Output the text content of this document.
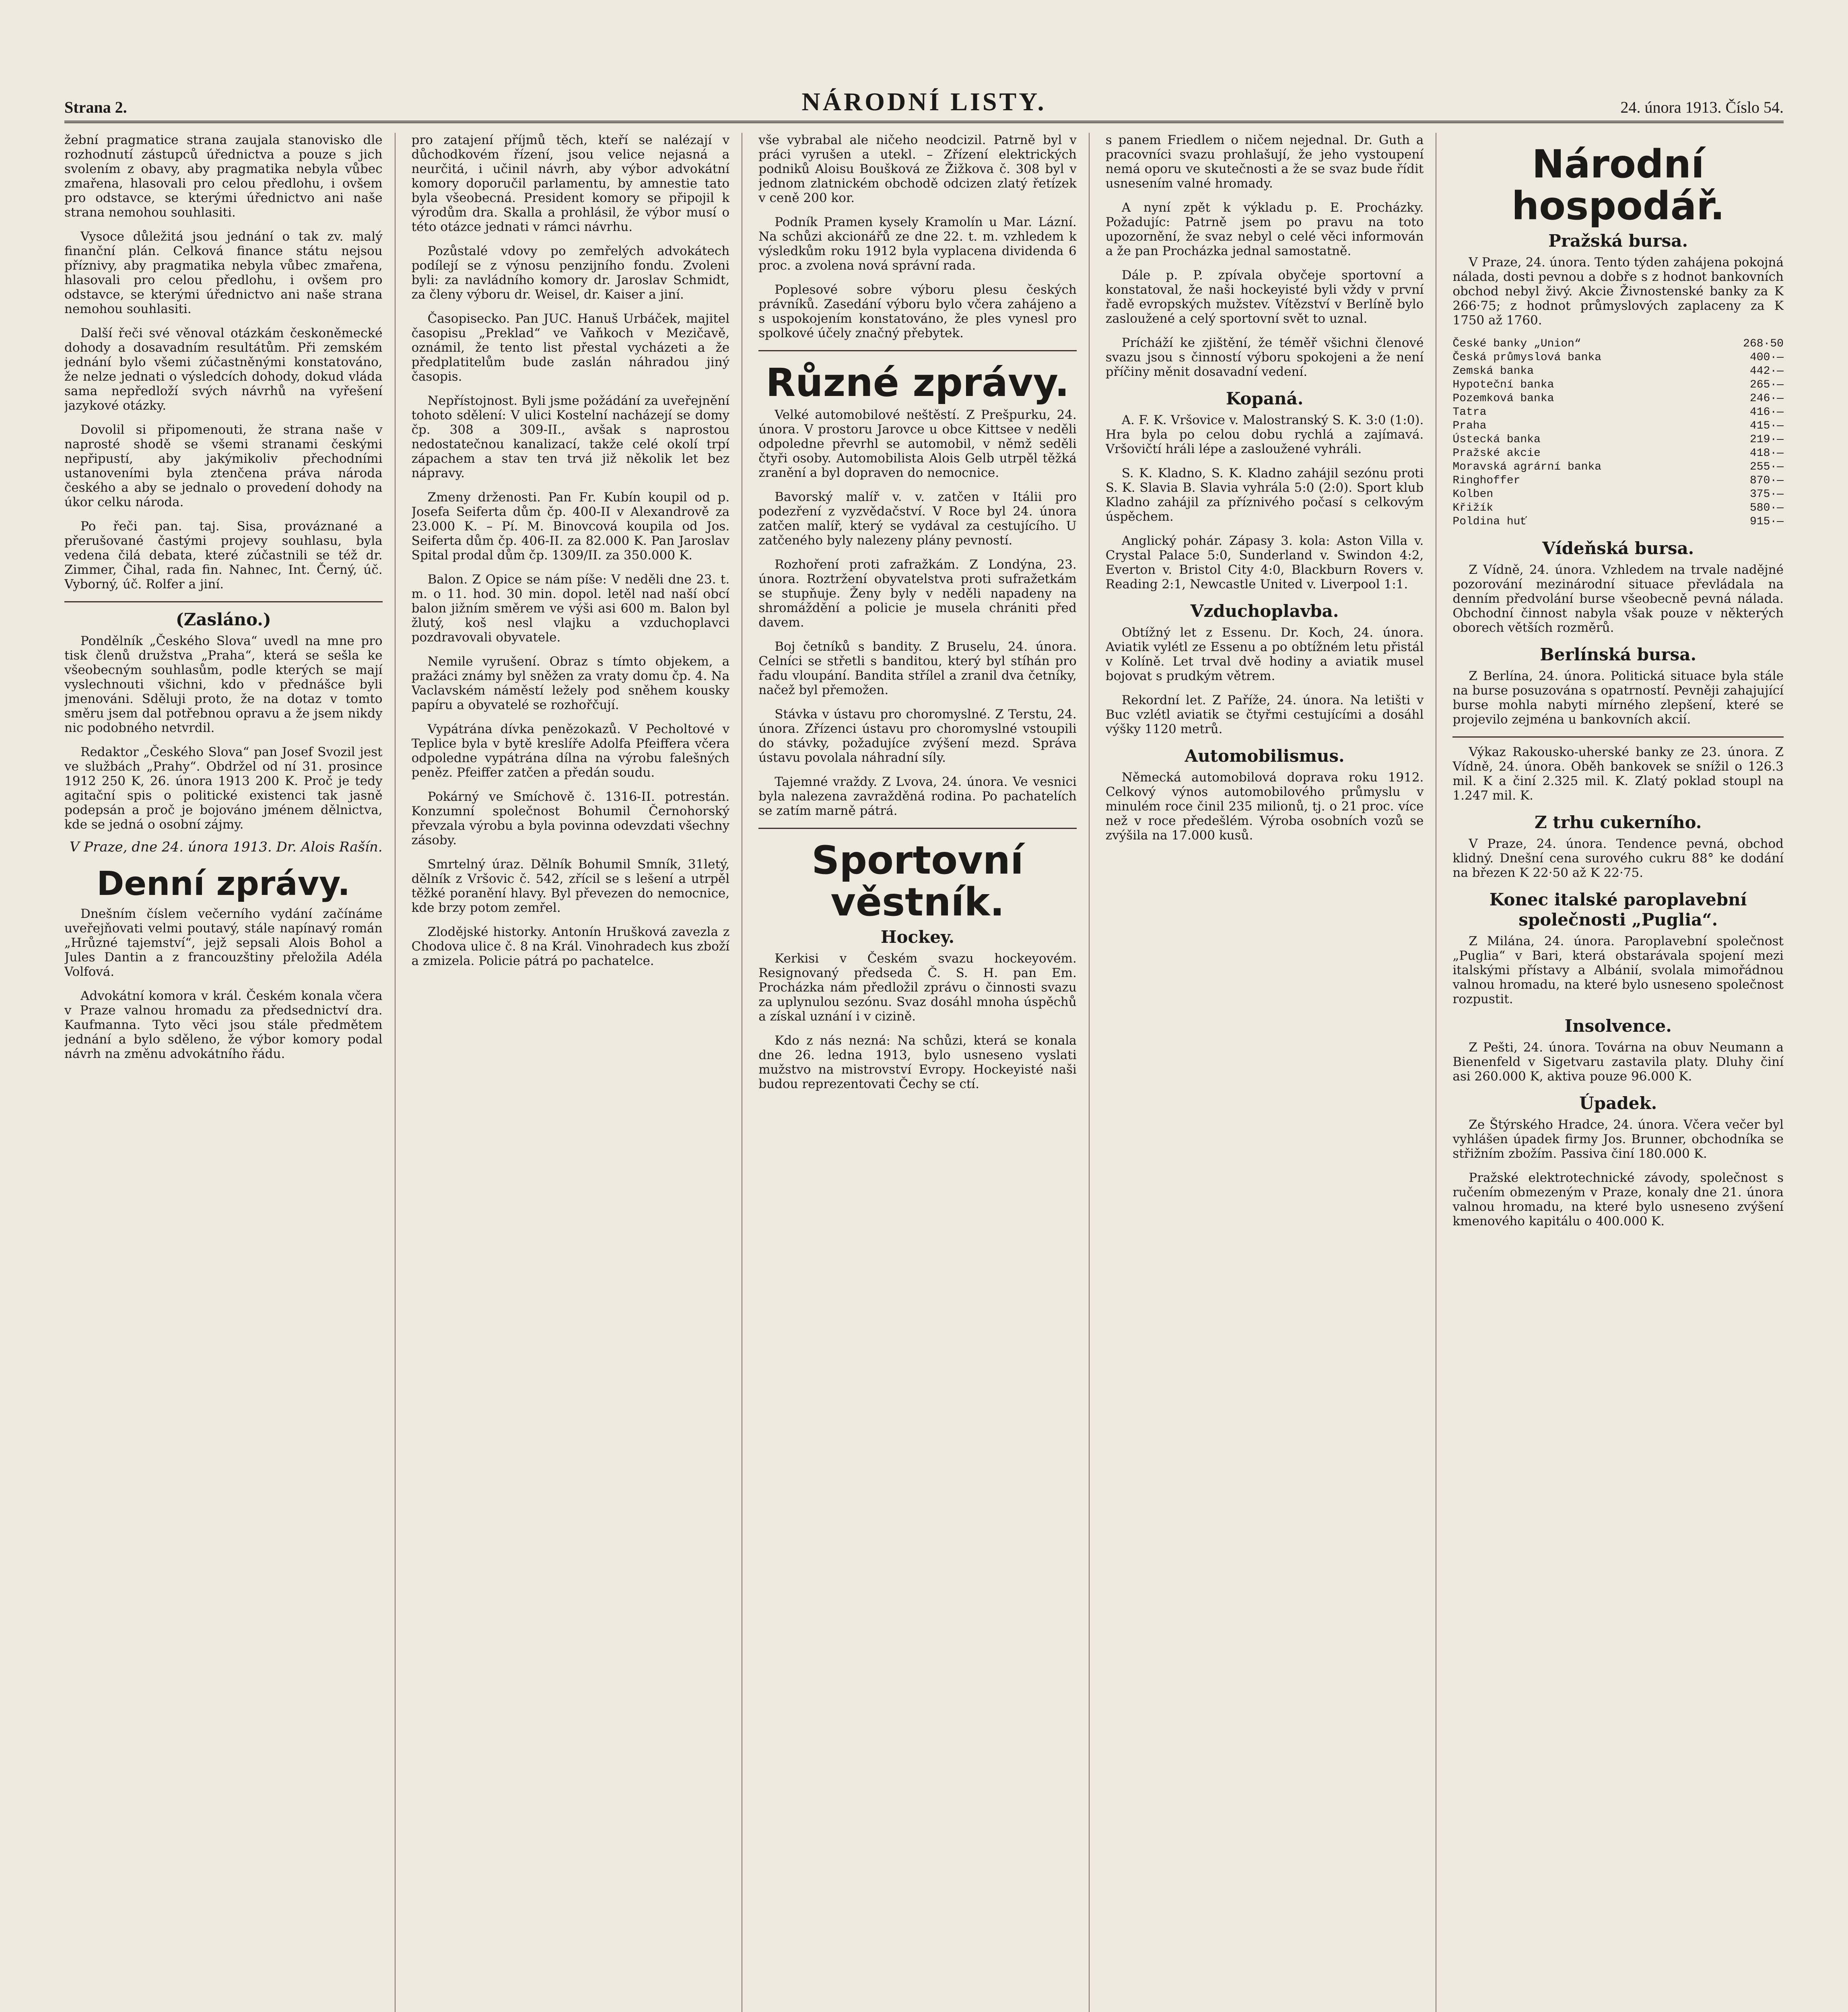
Strana 2.	NÁRODNÍ LISTY.	24. února 1913. Číslo 54.

žební pragmatice strana zaujala stanovisko dle rozhodnutí zástupců úřednictva a pouze s jich svolením z obavy, aby pragmatika nebyla vůbec zmařena, hlasovali pro celou předlohu, i ovšem pro odstavce, se kterými úřednictvo ani naše strana nemohou souhlasiti.

Vysoce důležitá jsou jednání o tak zv. malý finanční plán. Celková finance státu nejsou příznivy, aby pragmatika nebyla vůbec zmařena, hlasovali pro celou předlohu, i ovšem pro odstavce, se kterými úřednictvo ani naše strana nemohou souhlasiti.

Další řeči své věnoval otázkám českoněmecké dohody a dosavadním resultátům. Při zemském jednání bylo všemi zúčastněnými konstatováno, že nelze jednati o výsledcích dohody, dokud vláda sama nepředloží svých návrhů na vyřešení jazykové otázky.

Dovolil si připomenouti, že strana naše v naprosté shodě se všemi stranami českými nepřipustí, aby jakýmikoliv přechodními ustanoveními byla ztenčena práva národa českého a aby se jednalo o provedení dohody na úkor celku národa.

Po řeči pan. taj. Sisa, prováznané a přerušované častými projevy souhlasu, byla vedena čilá debata, které zúčastnili se též dr. Zimmer, Čihal, rada fin. Nahnec, Int. Černý, úč. Vyborný, úč. Rolfer a jiní.

(Zasláno.)

Pondělník „Českého Slova“ uvedl na mne pro tisk členů družstva „Praha“, která se sešla ke všeobecným souhlasům, podle kterých se mají vyslechnouti všichni, kdo v přednášce byli jmenováni. Sděluji proto, že na dotaz v tomto směru jsem dal potřebnou opravu a že jsem nikdy nic podobného netvrdil.

Redaktor „Českého Slova“ pan Josef Svozil jest ve službách „Prahy“. Obdržel od ní 31. prosince 1912 250 K, 26. února 1913 200 K. Proč je tedy agitační spis o politické existenci tak jasně podepsán a proč je bojováno jménem dělnictva, kde se jedná o osobní zájmy.

V Praze, dne 24. února 1913. Dr. Alois Rašín.
Denní zprávy.

Dnešním číslem večerního vydání začínáme uveřejňovati velmi poutavý, stále napínavý román „Hrůzné tajemství“, jejž sepsali Alois Bohol a Jules Dantin a z francouzštiny přeložila Adéla Volfová.

Advokátní komora v král. Českém konala včera v Praze valnou hromadu za předsednictví dra. Kaufmanna. Tyto věci jsou stále předmětem jednání a bylo sděleno, že výbor komory podal návrh na změnu advokátního řádu.

pro zatajení příjmů těch, kteří se nalézají v důchodkovém řízení, jsou velice nejasná a neurčitá, i učinil návrh, aby výbor advokátní komory doporučil parlamentu, by amnestie tato byla všeobecná. President komory se připojil k výrodům dra. Skalla a prohlásil, že výbor musí o této otázce jednati v rámci návrhu.

Pozůstalé vdovy po zemřelých advokátech podílejí se z výnosu penzijního fondu. Zvoleni byli: za navládního komory dr. Jaroslav Schmidt, za členy výboru dr. Weisel, dr. Kaiser a jiní.

Časopisecko. Pan JUC. Hanuš Urbáček, majitel časopisu „Preklad“ ve Vaňkoch v Mezičavě, oznámil, že tento list přestal vycházeti a že předplatitelům bude zaslán náhradou jiný časopis.

Nepřístojnost. Byli jsme požádání za uveřejnění tohoto sdělení: V ulici Kostelní nacházejí se domy čp. 308 a 309-II., avšak s naprostou nedostatečnou kanalizací, takže celé okolí trpí zápachem a stav ten trvá již několik let bez nápravy.

Zmeny drženosti. Pan Fr. Kubín koupil od p. Josefa Seiferta dům čp. 400-II v Alexandrově za 23.000 K. – Pí. M. Binovcová koupila od Jos. Seiferta dům čp. 406-II. za 82.000 K. Pan Jaroslav Spital prodal dům čp. 1309/II. za 350.000 K.

Balon. Z Opice se nám píše: V neděli dne 23. t. m. o 11. hod. 30 min. dopol. letěl nad naší obcí balon jižním směrem ve výši asi 600 m. Balon byl žlutý, koš nesl vlajku a vzduchoplavci pozdravovali obyvatele.

Nemile vyrušení. Obraz s tímto objekem, a pražáci známy byl sněžen za vraty domu čp. 4. Na Vaclavském náměstí ležely pod sněhem kousky papíru a obyvatelé se rozhořčují.

Vypátrána dívka penězokazů. V Pecholtové v Teplice byla v bytě kreslíře Adolfa Pfeiffera včera odpoledne vypátrána dílna na výrobu falešných peněz. Pfeiffer zatčen a předán soudu.

Pokárný ve Smíchově č. 1316-II. potrestán. Konzumní společnost Bohumil Černohorský převzala výrobu a byla povinna odevzdati všechny zásoby.

Smrtelný úraz. Dělník Bohumil Smník, 31letý, dělník z Vršovic č. 542, zřícil se s lešení a utrpěl těžké poranění hlavy. Byl převezen do nemocnice, kde brzy potom zemřel.

Zlodějské historky. Antonín Hrušková zavezla z Chodova ulice č. 8 na Král. Vinohradech kus zboží a zmizela. Policie pátrá po pachatelce.

vše vybrabal ale ničeho neodcizil. Patrně byl v práci vyrušen a utekl. – Zřízení elektrických podniků Aloisu Boušková ze Žižkova č. 308 byl v jednom zlatnickém obchodě odcizen zlatý řetízek v ceně 200 kor.

Podník Pramen kysely Kramolín u Mar. Lázní. Na schůzi akcionářů ze dne 22. t. m. vzhledem k výsledkům roku 1912 byla vyplacena dividenda 6 proc. a zvolena nová správní rada.

Poplesové sobre výboru plesu českých právníků. Zasedání výboru bylo včera zahájeno a s uspokojením konstatováno, že ples vynesl pro spolkové účely značný přebytek.

Různé zprávy.

Velké automobilové neštěstí. Z Prešpurku, 24. února. V prostoru Jarovce u obce Kittsee v neděli odpoledne převrhl se automobil, v němž seděli čtyři osoby. Automobilista Alois Gelb utrpěl těžká zranění a byl dopraven do nemocnice.

Bavorský malíř v. v. zatčen v Itálii pro podezření z vyzvědačství. V Roce byl 24. února zatčen malíř, který se vydával za cestujícího. U zatčeného byly nalezeny plány pevností.

Rozhoření proti zafražkám. Z Londýna, 23. února. Roztržení obyvatelstva proti sufražetkám se stupňuje. Ženy byly v neděli napadeny na shromáždění a policie je musela chrániti před davem.

Boj četníků s bandity. Z Bruselu, 24. února. Celníci se střetli s banditou, který byl stíhán pro řadu vloupání. Bandita střílel a zranil dva četníky, načež byl přemožen.

Stávka v ústavu pro choromyslné. Z Terstu, 24. února. Zřízenci ústavu pro choromyslné vstoupili do stávky, požadujíce zvýšení mezd. Správa ústavu povolala náhradní síly.

Tajemné vraždy. Z Lvova, 24. února. Ve vesnici byla nalezena zavražděná rodina. Po pachatelích se zatím marně pátrá.

Sportovní věstník.
Hockey.

Kerkisi v Českém svazu hockeyovém. Resignovaný předseda Č. S. H. pan Em. Procházka nám předložil zprávu o činnosti svazu za uplynulou sezónu. Svaz dosáhl mnoha úspěchů a získal uznání i v cizině.

Kdo z nás nezná: Na schůzi, která se konala dne 26. ledna 1913, bylo usneseno vyslati mužstvo na mistrovství Evropy. Hockeyisté naši budou reprezentovati Čechy se ctí.

s panem Friedlem o ničem nejednal. Dr. Guth a pracovníci svazu prohlašují, že jeho vystoupení nemá oporu ve skutečnosti a že se svaz bude řídit usnesením valné hromady.

A nyní zpět k výkladu p. E. Procházky. Požadujíc: Patrně jsem po pravu na toto upozornění, že svaz nebyl o celé věci informován a že pan Procházka jednal samostatně.

Dále p. P. zpívala obyčeje sportovní a konstatoval, že naši hockeyisté byli vždy v první řadě evropských mužstev. Vítězství v Berlíně bylo zasloužené a celý sportovní svět to uznal.

Prícháží ke zjištění, že téměř všichni členové svazu jsou s činností výboru spokojeni a že není příčiny měnit dosavadní vedení.

Kopaná.

A. F. K. Vršovice v. Malostranský S. K. 3:0 (1:0). Hra byla po celou dobu rychlá a zajímavá. Vršovičtí hráli lépe a zasloužené vyhráli.

S. K. Kladno, S. K. Kladno zahájil sezónu proti S. K. Slavia B. Slavia vyhrála 5:0 (2:0). Sport klub Kladno zahájil za příznivého počasí s celkovým úspěchem.

Anglický pohár. Zápasy 3. kola: Aston Villa v. Crystal Palace 5:0, Sunderland v. Swindon 4:2, Everton v. Bristol City 4:0, Blackburn Rovers v. Reading 2:1, Newcastle United v. Liverpool 1:1.

Vzduchoplavba.

Obtížný let z Essenu. Dr. Koch, 24. února. Aviatik vylétl ze Essenu a po obtížném letu přistál v Kolíně. Let trval dvě hodiny a aviatik musel bojovat s prudkým větrem.

Rekordní let. Z Paříže, 24. února. Na letišti v Buc vzlétl aviatik se čtyřmi cestujícími a dosáhl výšky 1120 metrů.

Automobilismus.

Německá automobilová doprava roku 1912. Celkový výnos automobilového průmyslu v minulém roce činil 235 milionů, tj. o 21 proc. více než v roce předešlém. Výroba osobních vozů se zvýšila na 17.000 kusů.

Národní hospodář.
Pražská bursa.

V Praze, 24. února. Tento týden zahájena pokojná nálada, dosti pevnou a dobře s z hodnot bankovních obchod nebyl živý. Akcie Živnostenské banky za K 266·75; z hodnot průmyslových zaplaceny za K 1750 až 1760.

České banky „Union“	268·50
Česká průmyslová banka	400·—
Zemská banka	442·—
Hypoteční banka	265·—
Pozemková banka	246·—
Tatra	416·—
Praha	415·—
Ústecká banka	219·—
Pražské akcie	418·—
Moravská agrární banka	255·—
Ringhoffer	870·—
Kolben	375·—
Křižík	580·—
Poldina huť	915·—
Vídeňská bursa.

Z Vídně, 24. února. Vzhledem na trvale nadějné pozorování mezinárodní situace převládala na denním předvolání burse všeobecně pevná nálada. Obchodní činnost nabyla však pouze v některých oborech větších rozměrů.

Berlínská bursa.

Z Berlína, 24. února. Politická situace byla stále na burse posuzována s opatrností. Pevněji zahajující burse mohla nabyti mírného zlepšení, které se projevilo zejména u bankovních akcií.

Výkaz Rakousko-uherské banky ze 23. února. Z Vídně, 24. února. Oběh bankovek se snížil o 126.3 mil. K a činí 2.325 mil. K. Zlatý poklad stoupl na 1.247 mil. K.

Z trhu cukerního.

V Praze, 24. února. Tendence pevná, obchod klidný. Dnešní cena surového cukru 88° ke dodání na březen K 22·50 až K 22·75.

Konec italské paroplavební společnosti „Puglia“.

Z Milána, 24. února. Paroplavební společnost „Puglia“ v Bari, která obstarávala spojení mezi italskými přístavy a Albánií, svolala mimořádnou valnou hromadu, na které bylo usneseno společnost rozpustit.

Insolvence.

Z Pešti, 24. února. Továrna na obuv Neumann a Bienenfeld v Sigetvaru zastavila platy. Dluhy činí asi 260.000 K, aktiva pouze 96.000 K.

Úpadek.

Ze Štýrského Hradce, 24. února. Včera večer byl vyhlášen úpadek firmy Jos. Brunner, obchodníka se střižním zbožím. Passiva činí 180.000 K.

Pražské elektrotechnické závody, společnost s ručením obmezeným v Praze, konaly dne 21. února valnou hromadu, na které bylo usneseno zvýšení kmenového kapitálu o 400.000 K.
